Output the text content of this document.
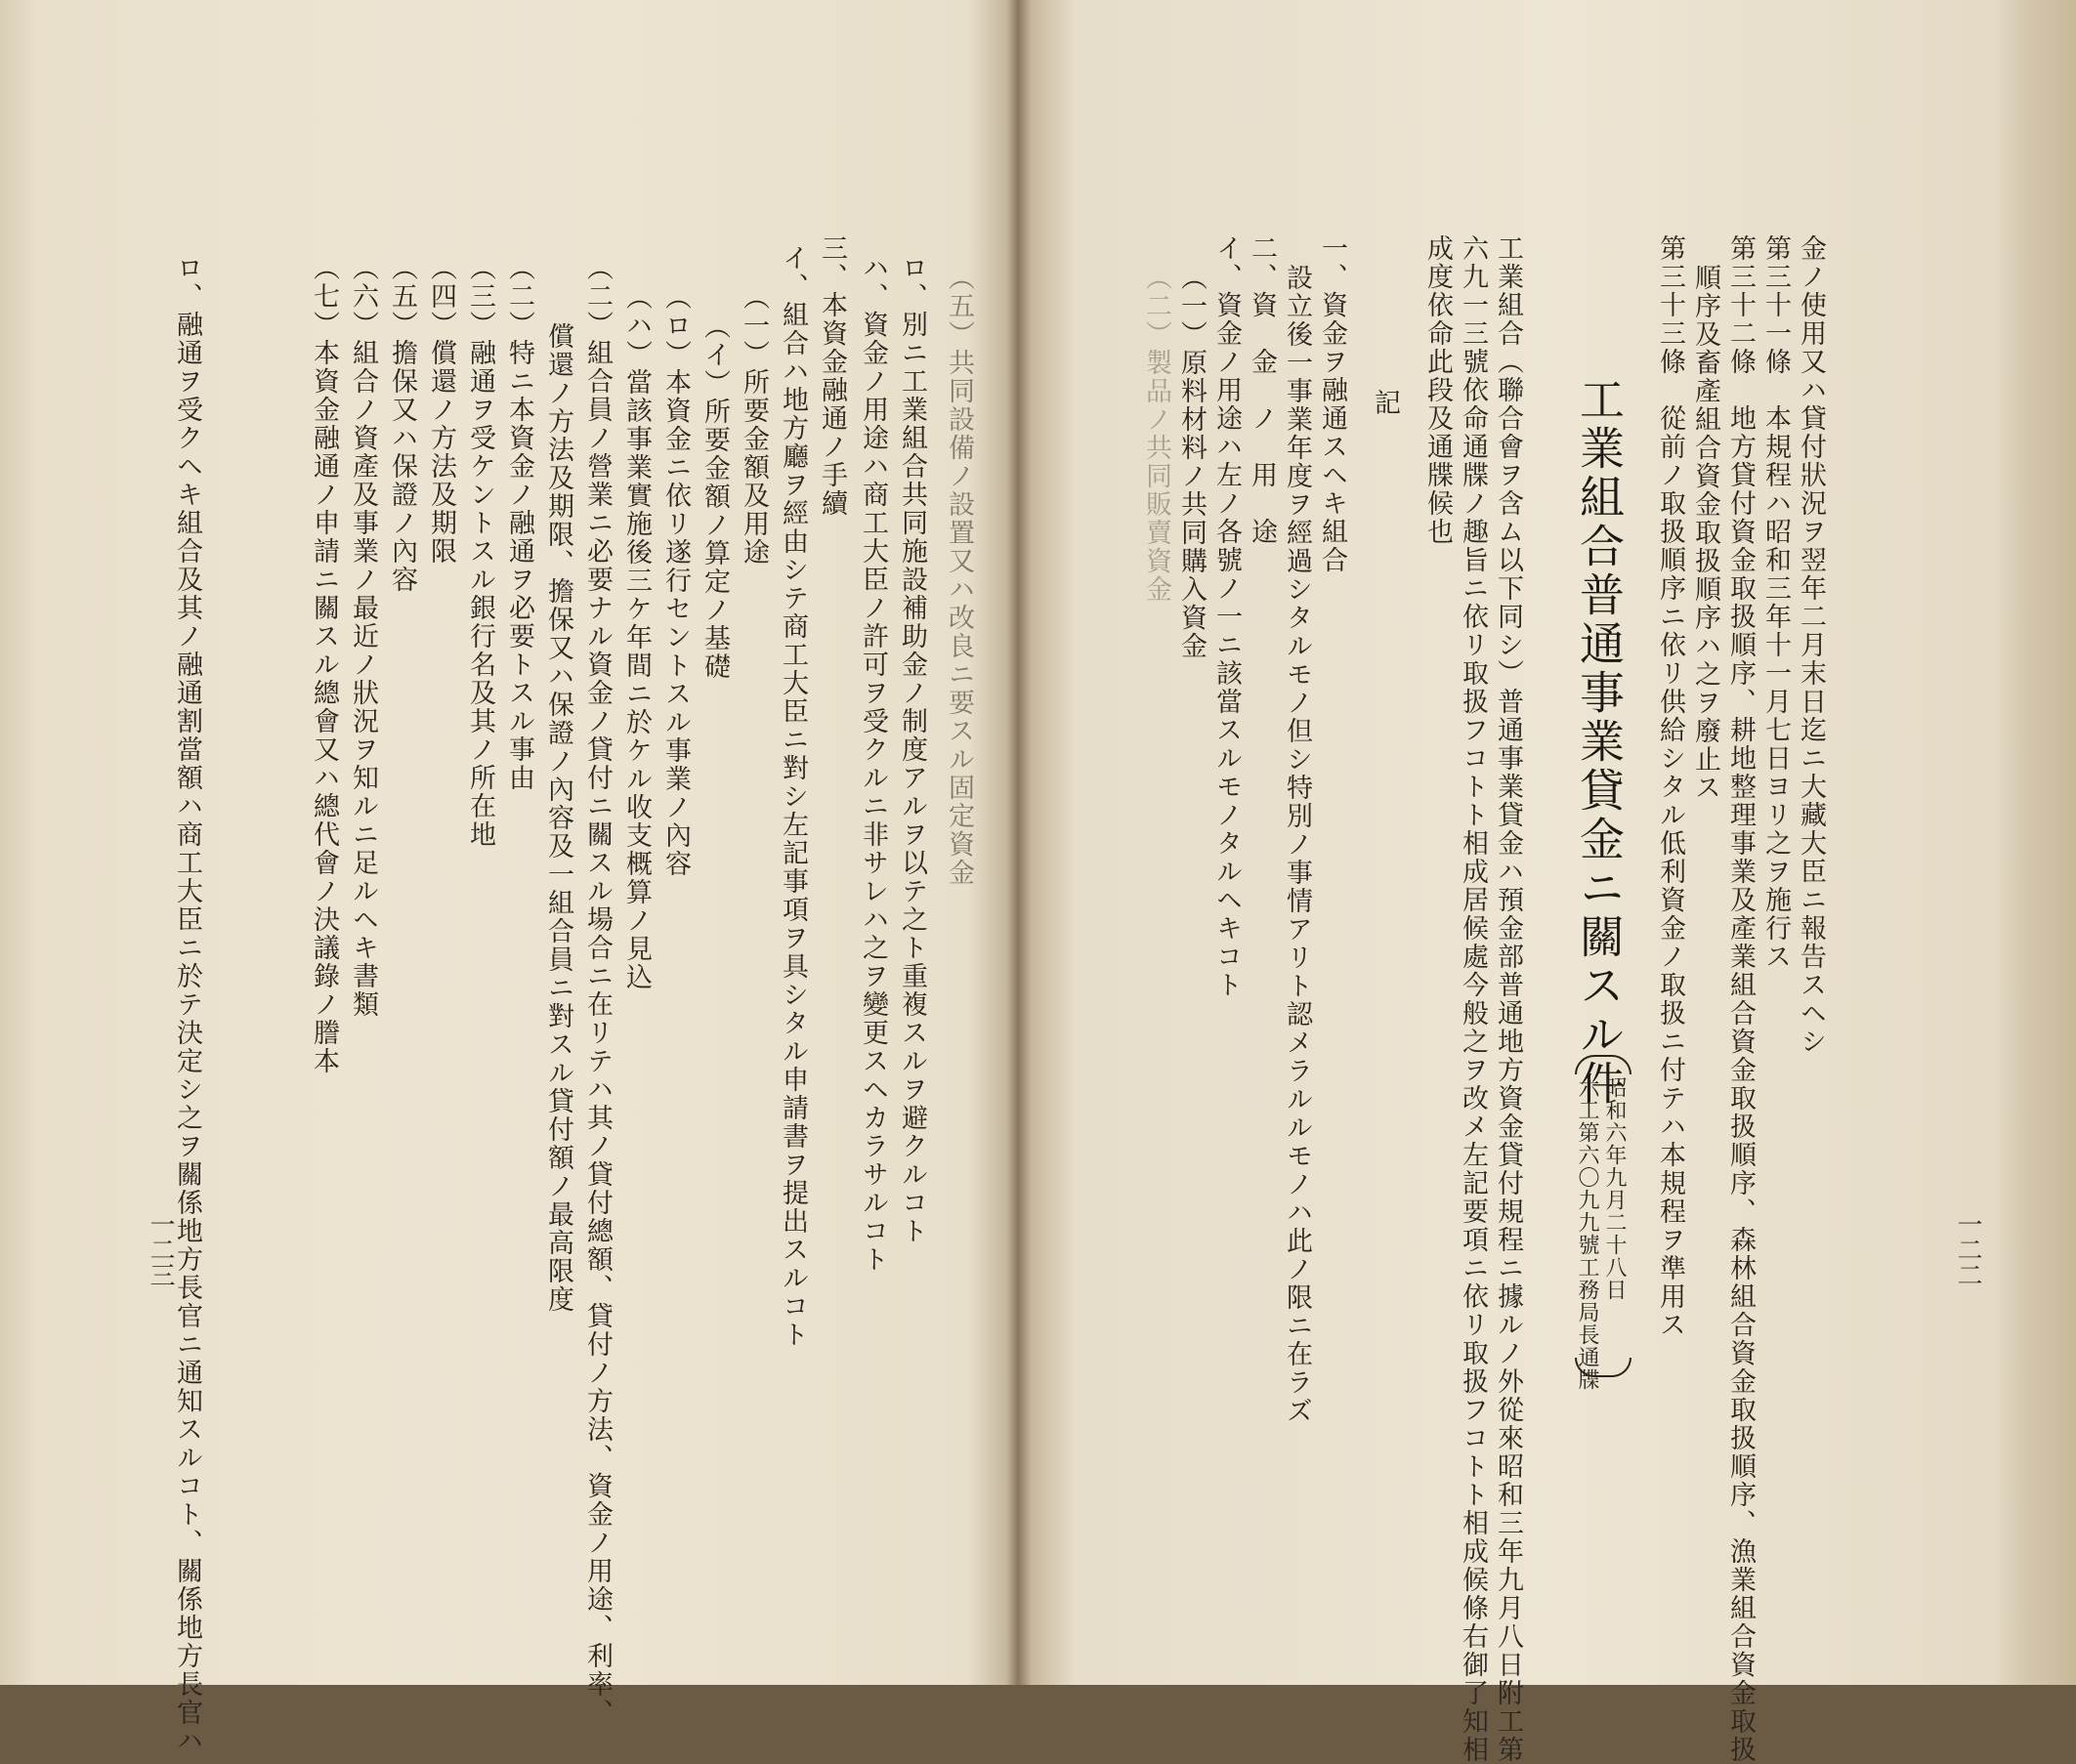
金ノ使用又ハ貸付狀況ヲ翌年二月末日迄ニ大藏大臣ニ報告スヘシ
第三十一條　本規程ハ昭和三年十一月七日ヨリ之ヲ施行ス
第三十二條　地方貸付資金取扱順序、耕地整理事業及產業組合資金取扱順序、森林組合資金取扱順序、漁業組合資金取扱
順序及畜產組合資金取扱順序ハ之ヲ廢止ス
第三十三條　從前ノ取扱順序ニ依リ供給シタル低利資金ノ取扱ニ付テハ本規程ヲ準用ス
工業組合普通事業貸金ニ關スル件
昭和六年九月二十八日
六工第六〇九九號工務局長通牒
工業組合（聯合會ヲ含ム以下同シ）普通事業貸金ハ預金部普通地方資金貸付規程ニ據ルノ外從來昭和三年九月八日附工第
六九一三號依命通牒ノ趣旨ニ依リ取扱フコトト相成居候處今般之ヲ改メ左記要項ニ依リ取扱フコトト相成候條右御了知相
成度依命此段及通牒候也
記
一、資金ヲ融通スヘキ組合
設立後一事業年度ヲ經過シタルモノ但シ特別ノ事情アリト認メラルルモノハ此ノ限ニ在ラズ
二、資　金　ノ　用　途
イ、資金ノ用途ハ左ノ各號ノ一ニ該當スルモノタルヘキコト
（一）原料材料ノ共同購入資金
（二）製品ノ共同販賣資金
一二二
（五）共同設備ノ設置又ハ改良ニ要スル固定資金
ロ、別ニ工業組合共同施設補助金ノ制度アルヲ以テ之ト重複スルヲ避クルコト
ハ、資金ノ用途ハ商工大臣ノ許可ヲ受クルニ非サレハ之ヲ變更スヘカラサルコト
三、本資金融通ノ手續
イ、組合ハ地方廳ヲ經由シテ商工大臣ニ對シ左記事項ヲ具シタル申請書ヲ提出スルコト
（一）所要金額及用途
（イ）所要金額ノ算定ノ基礎
（ロ）本資金ニ依リ遂行セントスル事業ノ內容
（ハ）當該事業實施後三ケ年間ニ於ケル收支概算ノ見込
（二）組合員ノ營業ニ必要ナル資金ノ貸付ニ關スル場合ニ在リテハ其ノ貸付總額、貸付ノ方法、資金ノ用途、利率、
償還ノ方法及期限、擔保又ハ保證ノ內容及一組合員ニ對スル貸付額ノ最高限度
（二）特ニ本資金ノ融通ヲ必要トスル事由
（三）融通ヲ受ケントスル銀行名及其ノ所在地
（四）償還ノ方法及期限
（五）擔保又ハ保證ノ內容
（六）組合ノ資產及事業ノ最近ノ狀況ヲ知ルニ足ルヘキ書類
（七）本資金融通ノ申請ニ關スル總會又ハ總代會ノ決議錄ノ謄本
ロ、融通ヲ受クヘキ組合及其ノ融通割當額ハ商工大臣ニ於テ決定シ之ヲ關係地方長官ニ通知スルコト、關係地方長官ハ
一二三
